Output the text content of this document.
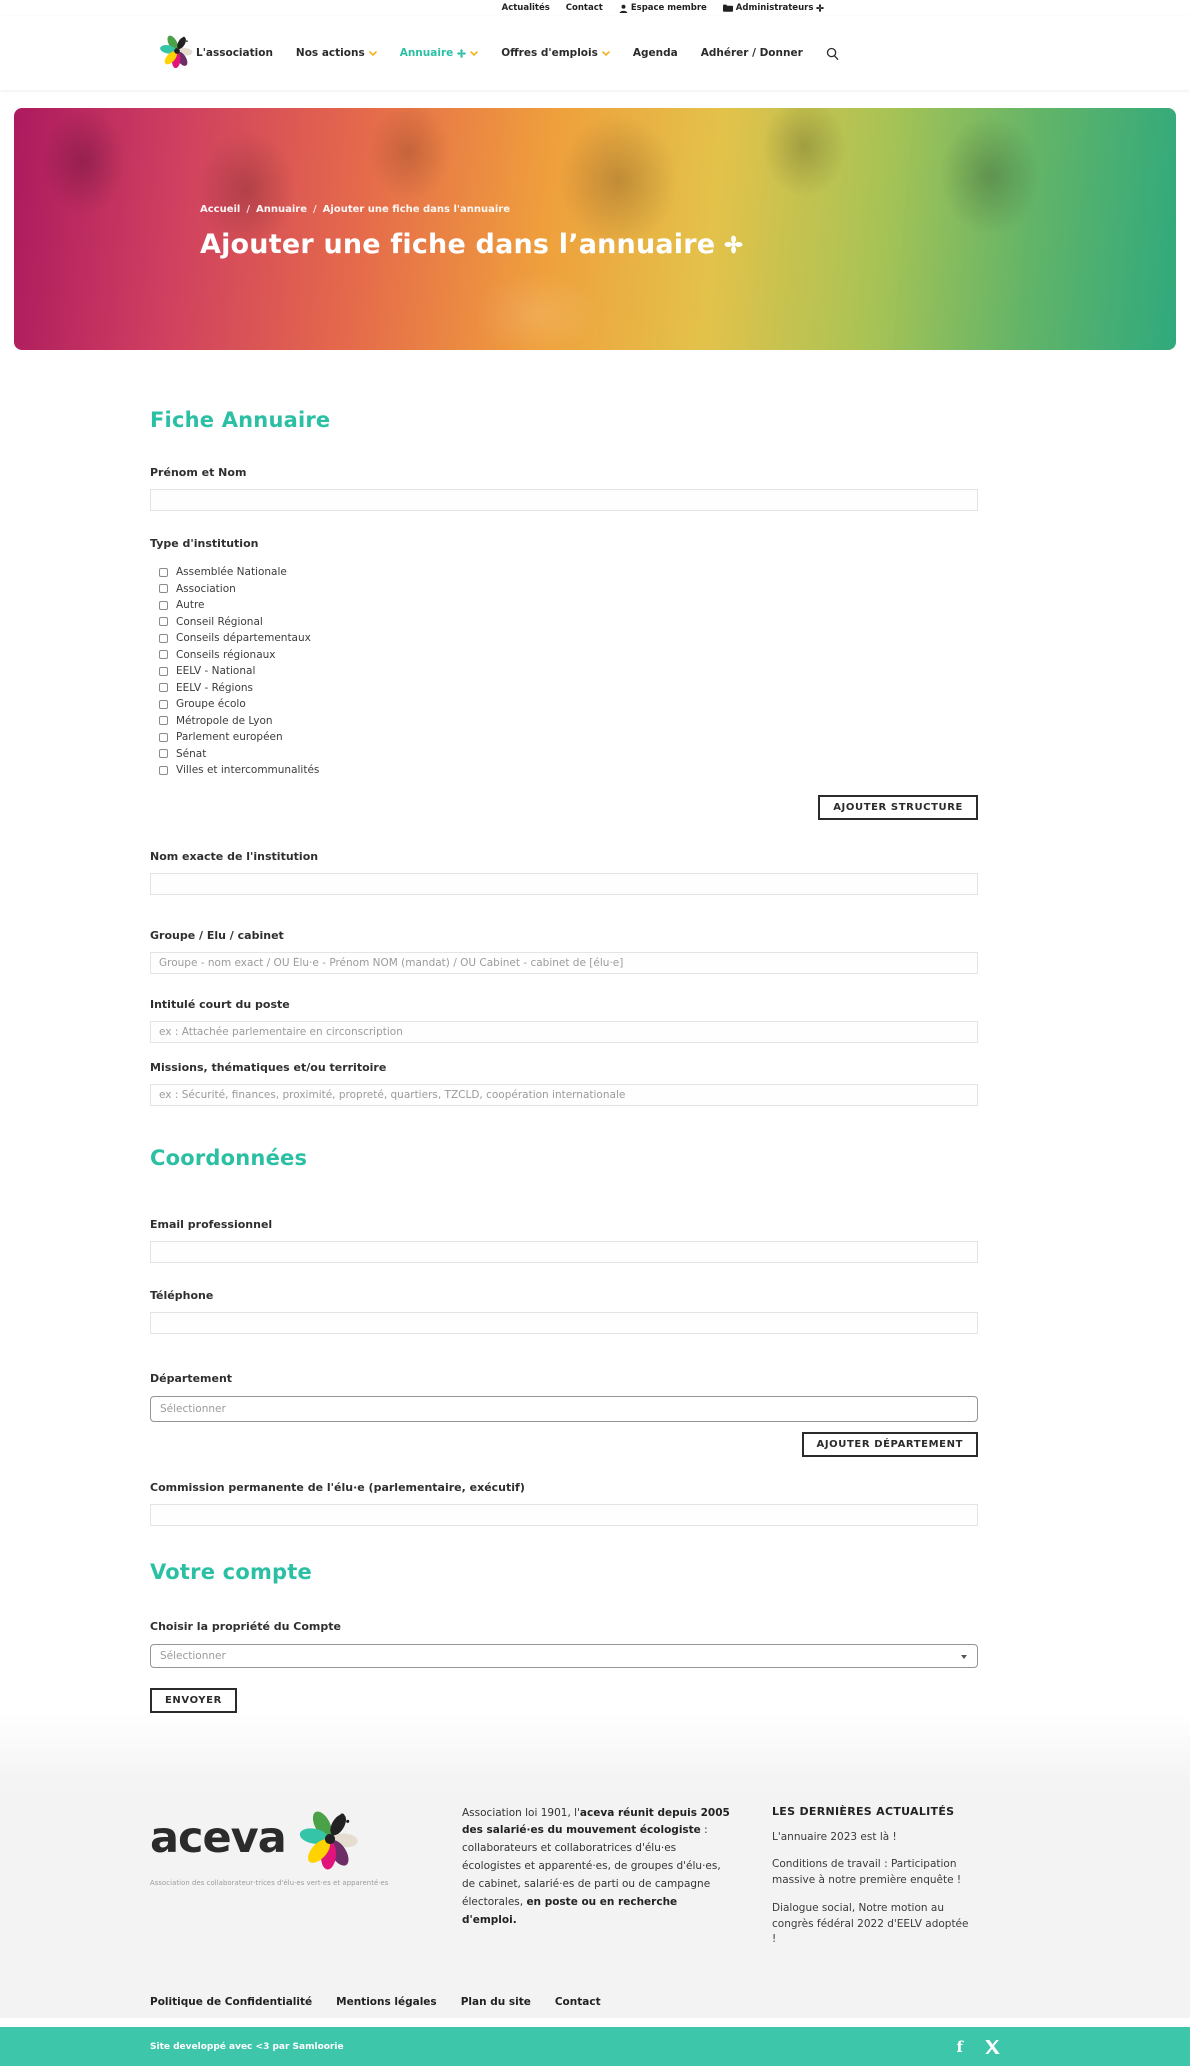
Actualités Contact	Espace membre	Administrateurs
L'association Nos actions	Annuaire	Offres d'emplois	Agenda Adhérer / Donner
Accueil / Annuaire / Ajouter une fiche dans l'annuaire
Ajouter une fiche dans l’annuaire
Fiche Annuaire
Prénom et Nom
Type d'institution
Assemblée Nationale
Association
Autre
Conseil Régional
Conseils départementaux
Conseils régionaux
EELV - National
EELV - Régions
Groupe écolo
Métropole de Lyon
Parlement européen
Sénat
Villes et intercommunalités
AJOUTER STRUCTURE
Nom exacte de l'institution
Groupe / Elu / cabinet
Groupe - nom exact / OU Élu·e - Prénom NOM (mandat) / OU Cabinet - cabinet de [élu·e]
Intitulé court du poste
ex : Attachée parlementaire en circonscription
Missions, thématiques et/ou territoire
ex : Sécurité, finances, proximité, propreté, quartiers, TZCLD, coopération internationale
Coordonnées
Email professionnel
Téléphone
Département
Sélectionner
AJOUTER DÉPARTEMENT
Commission permanente de l'élu·e (parlementaire, exécutif)
Votre compte
Choisir la propriété du Compte
Sélectionner
ENVOYER
aceva
Association des collaborateur·trices d'élu·es vert·es et apparenté·es

Association loi 1901, l'aceva réunit depuis 2005 des salarié·es du mouvement écologiste : collaborateurs et collaboratrices d'élu·es écologistes et apparenté·es, de groupes d'élu·es, de cabinet, salarié·es de parti ou de campagne électorales, en poste ou en recherche d'emploi.

LES DERNIÈRES ACTUALITÉS
L'annuaire 2023 est là !
Conditions de travail : Participation massive à notre première enquête !
Dialogue social, Notre motion au congrès fédéral 2022 d'EELV adoptée !
Politique de Confidentialité Mentions légales Plan du site Contact
Site developpé avec <3 par Samloorie	f
